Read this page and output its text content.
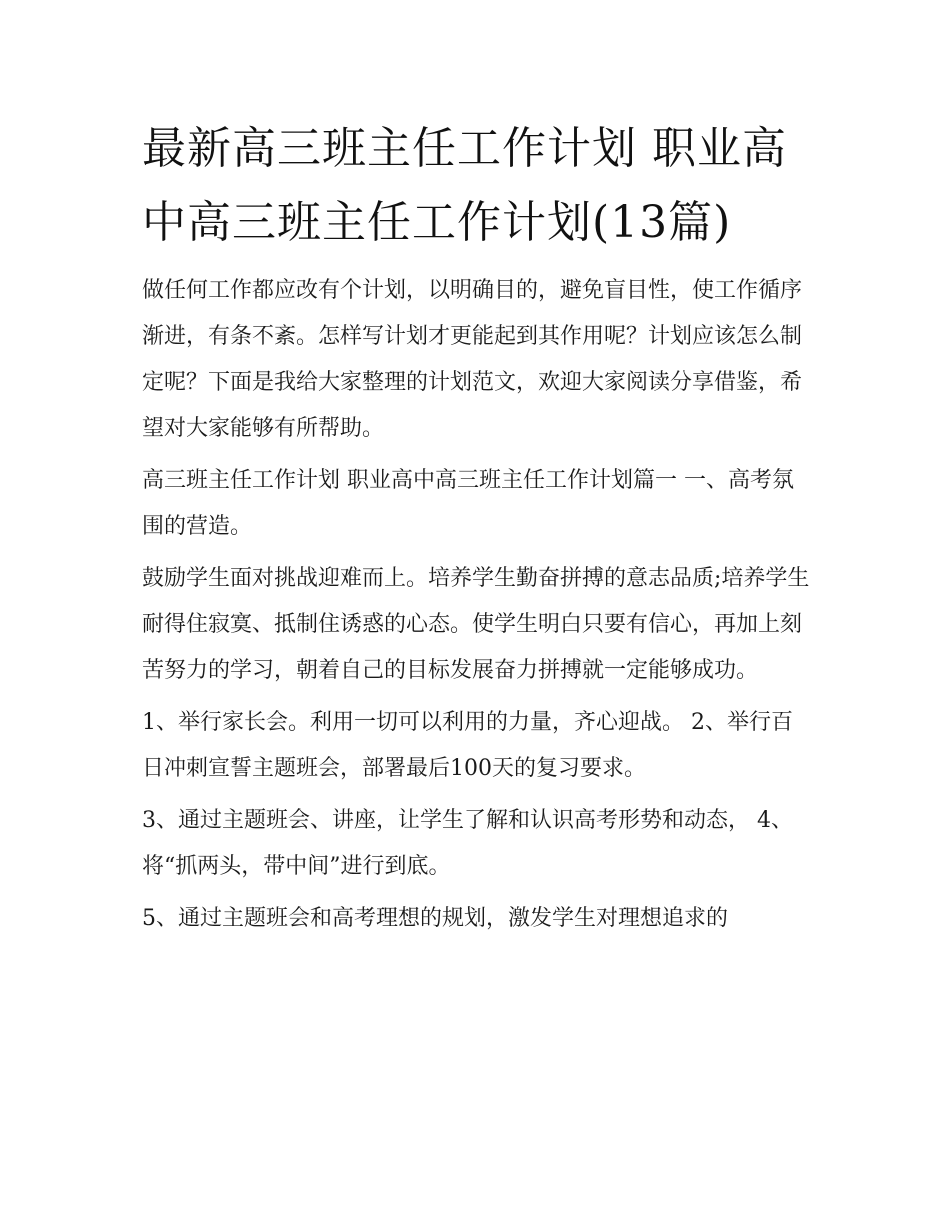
最新高三班主任工作计划 职业高中高三班主任工作计划(13篇)

做任何工作都应改有个计划，以明确目的，避免盲目性，使工作循序渐进，有条不紊。怎样写计划才更能起到其作用呢？计划应该怎么制定呢？下面是我给大家整理的计划范文，欢迎大家阅读分享借鉴，希望对大家能够有所帮助。

高三班主任工作计划 职业高中高三班主任工作计划篇一 一、高考氛围的营造。

鼓励学生面对挑战迎难而上。培养学生勤奋拼搏的意志品质;培养学生耐得住寂寞、抵制住诱惑的心态。使学生明白只要有信心，再加上刻苦努力的学习，朝着自己的目标发展奋力拼搏就一定能够成功。

1、举行家长会。利用一切可以利用的力量，齐心迎战。 2、举行百日冲刺宣誓主题班会，部署最后100天的复习要求。

3、通过主题班会、讲座，让学生了解和认识高考形势和动态， 4、将“抓两头，带中间”进行到底。

5、通过主题班会和高考理想的规划，激发学生对理想追求的
